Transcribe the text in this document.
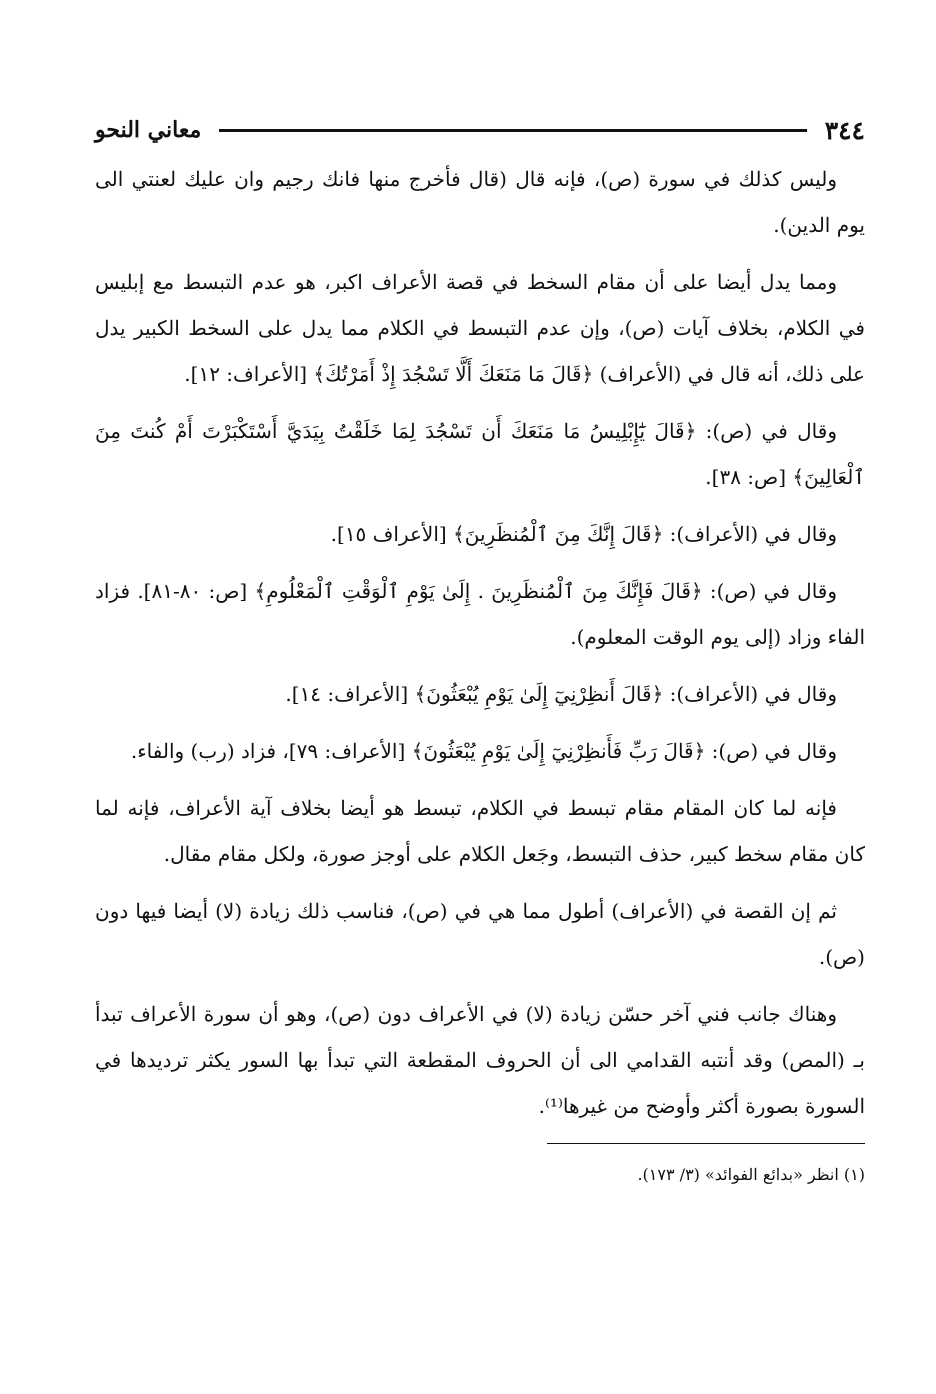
٣٤٤
معاني النحو

وليس كذلك في سورة (ص)، فإنه قال (قال فأخرج منها فانك رجيم وان عليك لعنتي الى يوم الدين).

ومما يدل أيضا على أن مقام السخط في قصة الأعراف اكبر، هو عدم التبسط مع إبليس في الكلام، بخلاف آيات (ص)، وإن عدم التبسط في الكلام مما يدل على السخط الكبير يدل على ذلك، أنه قال في (الأعراف) ﴿قَالَ مَا مَنَعَكَ أَلَّا تَسْجُدَ إِذْ أَمَرْتُكَ﴾ [الأعراف: ١٢].

وقال في (ص): ﴿قَالَ يَٰٓإِبْلِيسُ مَا مَنَعَكَ أَن تَسْجُدَ لِمَا خَلَقْتُ بِيَدَيَّ أَسْتَكْبَرْتَ أَمْ كُنتَ مِنَ ٱلْعَالِينَ﴾ [ص: ٣٨].

وقال في (الأعراف): ﴿قَالَ إِنَّكَ مِنَ ٱلْمُنظَرِينَ﴾ [الأعراف ١٥].

وقال في (ص): ﴿قَالَ فَإِنَّكَ مِنَ ٱلْمُنظَرِينَ . إِلَىٰ يَوْمِ ٱلْوَقْتِ ٱلْمَعْلُومِ﴾ [ص: ٨٠-٨١]. فزاد الفاء وزاد (إلى يوم الوقت المعلوم).

وقال في (الأعراف): ﴿قَالَ أَنظِرْنِيٓ إِلَىٰ يَوْمِ يُبْعَثُونَ﴾ [الأعراف: ١٤].

وقال في (ص): ﴿قَالَ رَبِّ فَأَنظِرْنِيٓ إِلَىٰ يَوْمِ يُبْعَثُونَ﴾ [الأعراف: ٧٩]، فزاد (رب) والفاء.

فإنه لما كان المقام مقام تبسط في الكلام، تبسط هو أيضا بخلاف آية الأعراف، فإنه لما كان مقام سخط كبير، حذف التبسط، وجَعل الكلام على أوجز صورة، ولكل مقام مقال.

ثم إن القصة في (الأعراف) أطول مما هي في (ص)، فناسب ذلك زيادة (لا) أيضا فيها دون (ص).

وهناك جانب فني آخر حسّن زيادة (لا) في الأعراف دون (ص)، وهو أن سورة الأعراف تبدأ بـ (المص) وقد أنتبه القدامي الى أن الحروف المقطعة التي تبدأ بها السور يكثر ترديدها في السورة بصورة أكثر وأوضح من غيرها⁽¹⁾.

(١) انظر «بدائع الفوائد» (٣/ ١٧٣).
